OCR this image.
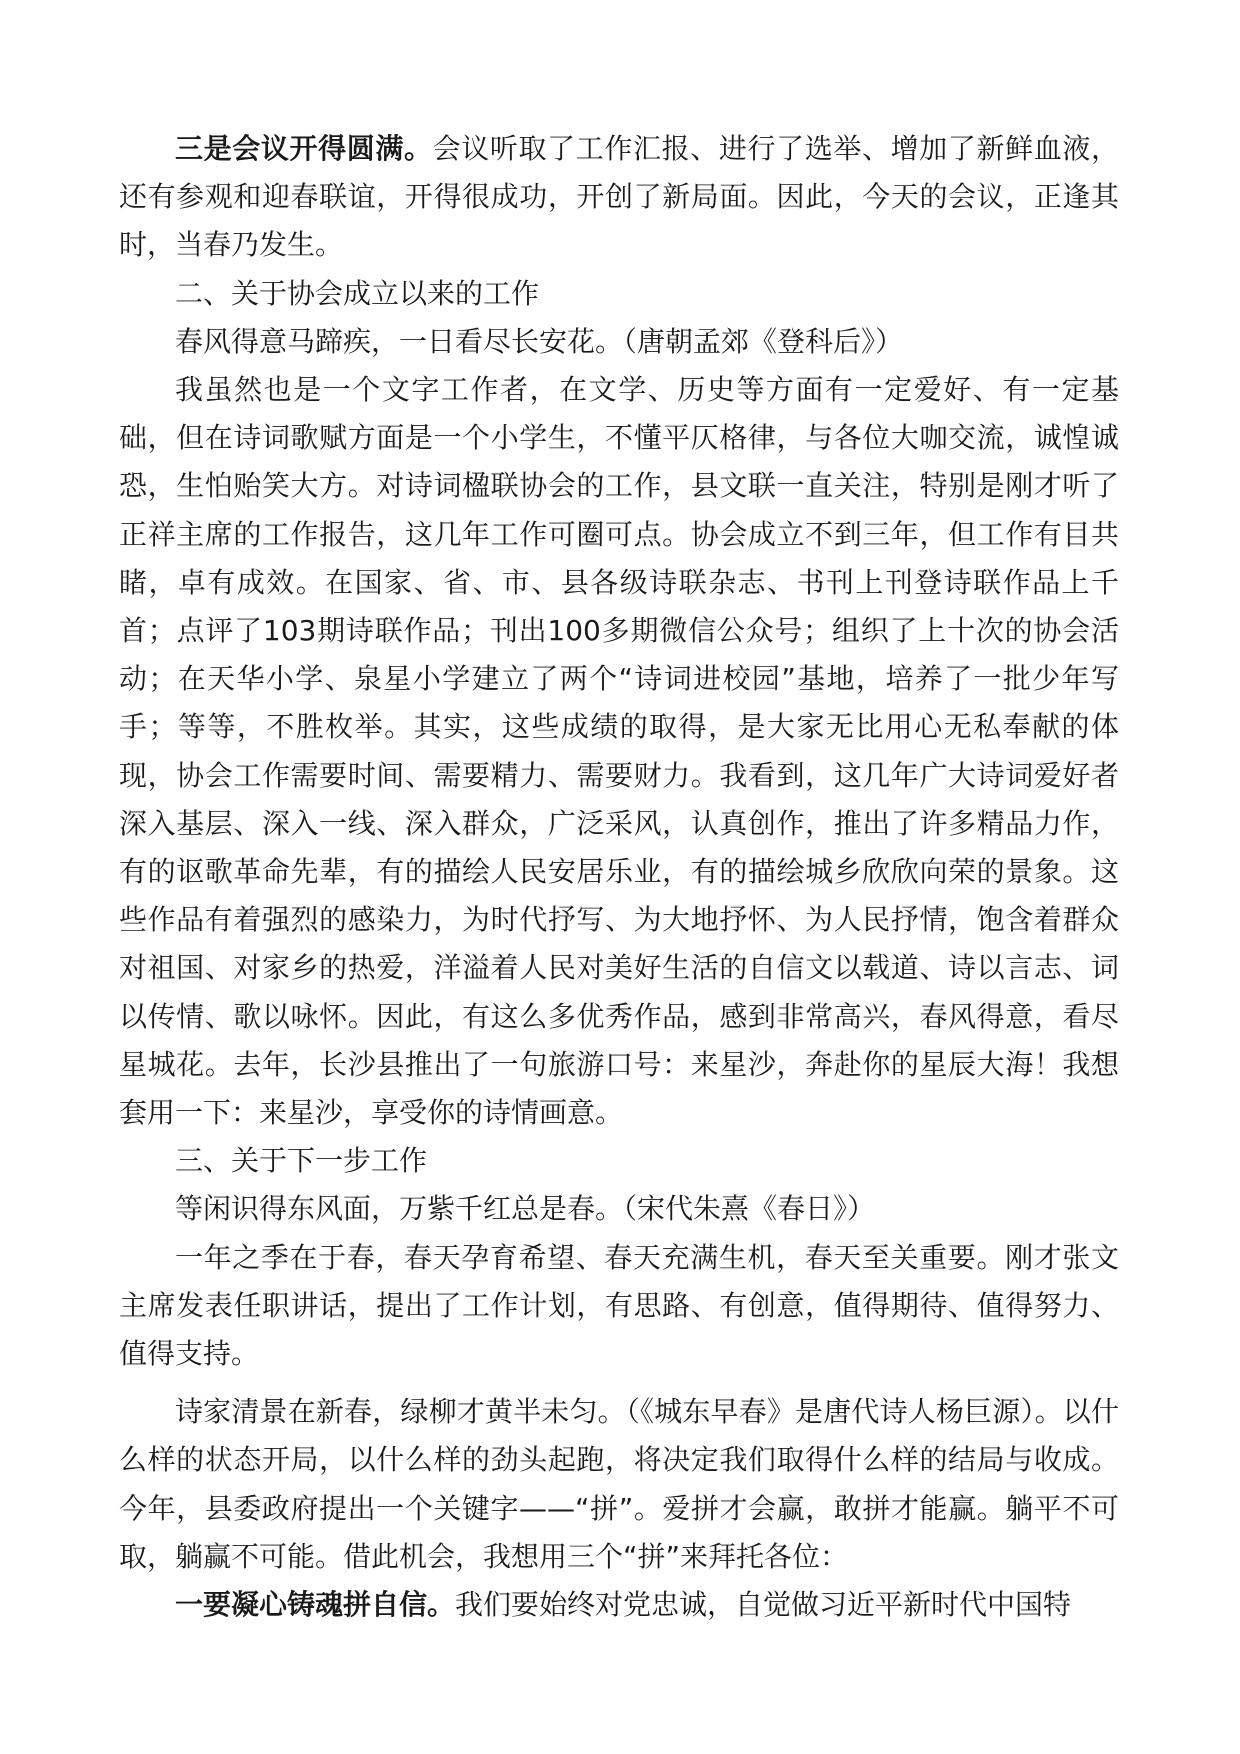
三是会议开得圆满。会议听取了工作汇报、进行了选举、增加了新鲜血液，还有参观和迎春联谊，开得很成功，开创了新局面。因此，今天的会议，正逢其时，当春乃发生。

二、关于协会成立以来的工作

春风得意马蹄疾，一日看尽长安花。（唐朝孟郊《登科后》）

我虽然也是一个文字工作者，在文学、历史等方面有一定爱好、有一定基础，但在诗词歌赋方面是一个小学生，不懂平仄格律，与各位大咖交流，诚惶诚恐，生怕贻笑大方。对诗词楹联协会的工作，县文联一直关注，特别是刚才听了正祥主席的工作报告，这几年工作可圈可点。协会成立不到三年，但工作有目共睹，卓有成效。在国家、省、市、县各级诗联杂志、书刊上刊登诗联作品上千首；点评了103期诗联作品；刊出100多期微信公众号；组织了上十次的协会活动；在天华小学、泉星小学建立了两个“诗词进校园”基地，培养了一批少年写手；等等，不胜枚举。其实，这些成绩的取得，是大家无比用心无私奉献的体现，协会工作需要时间、需要精力、需要财力。我看到，这几年广大诗词爱好者深入基层、深入一线、深入群众，广泛采风，认真创作，推出了许多精品力作，有的讴歌革命先辈，有的描绘人民安居乐业，有的描绘城乡欣欣向荣的景象。这些作品有着强烈的感染力，为时代抒写、为大地抒怀、为人民抒情，饱含着群众对祖国、对家乡的热爱，洋溢着人民对美好生活的自信文以载道、诗以言志、词以传情、歌以咏怀。因此，有这么多优秀作品，感到非常高兴，春风得意，看尽星城花。去年，长沙县推出了一句旅游口号：来星沙，奔赴你的星辰大海！我想套用一下：来星沙，享受你的诗情画意。

三、关于下一步工作

等闲识得东风面，万紫千红总是春。（宋代朱熹《春日》）

一年之季在于春，春天孕育希望、春天充满生机，春天至关重要。刚才张文主席发表任职讲话，提出了工作计划，有思路、有创意，值得期待、值得努力、值得支持。

诗家清景在新春，绿柳才黄半未匀。（《城东早春》是唐代诗人杨巨源）。以什么样的状态开局，以什么样的劲头起跑，将决定我们取得什么样的结局与收成。今年，县委政府提出一个关键字——“拼”。爱拼才会赢，敢拼才能赢。躺平不可取，躺赢不可能。借此机会，我想用三个“拼”来拜托各位：

一要凝心铸魂拼自信。我们要始终对党忠诚，自觉做习近平新时代中国特
